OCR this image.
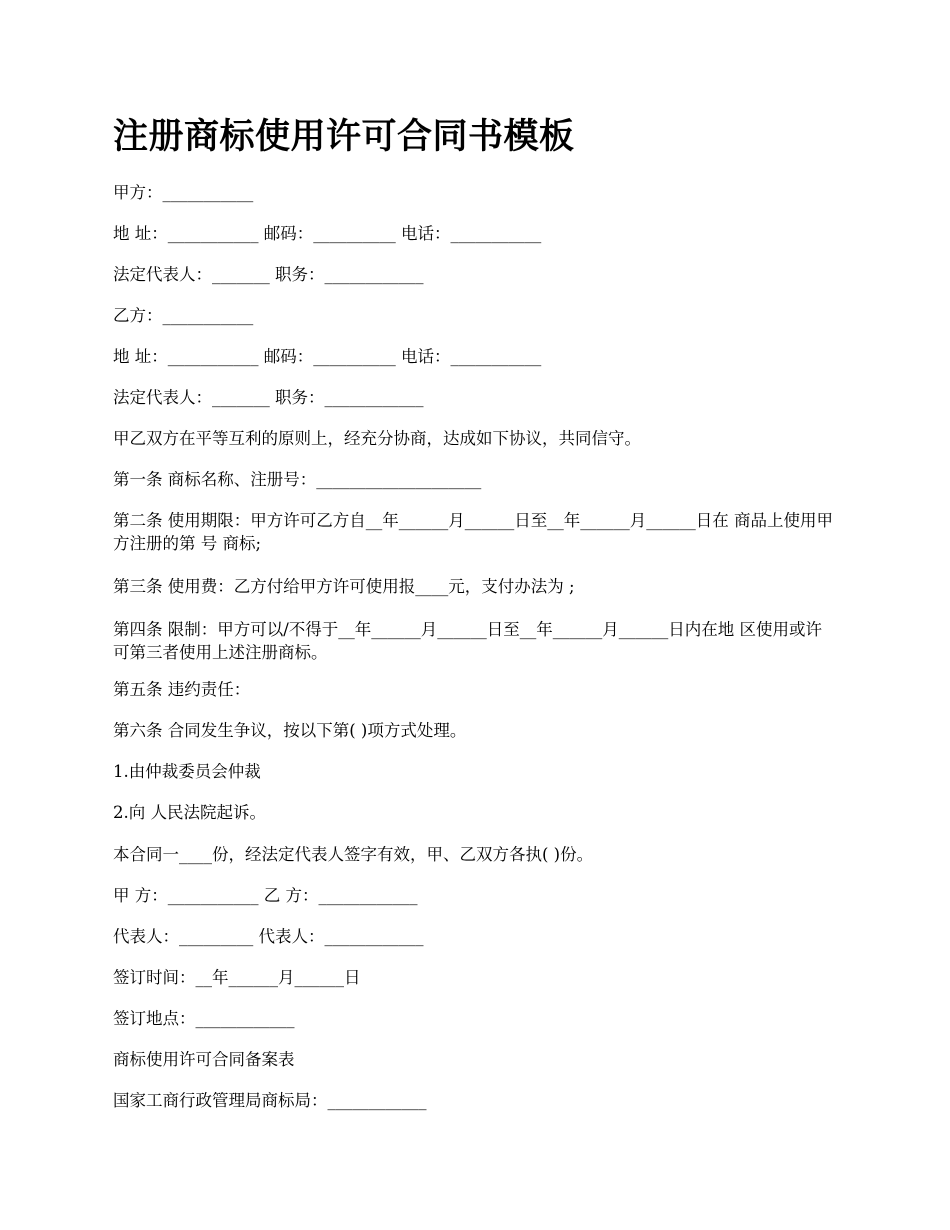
注册商标使用许可合同书模板

甲方：___________

地 址：___________ 邮码：__________ 电话：___________

法定代表人：_______ 职务：____________

乙方：___________

地 址：___________ 邮码：__________ 电话：___________

法定代表人：_______ 职务：____________

甲乙双方在平等互利的原则上，经充分协商，达成如下协议，共同信守。

第一条 商标名称、注册号：____________________

第二条 使用期限：甲方许可乙方自__年______月______日至__年______月______日在 商品上使用甲方注册的第 号 商标;

第三条 使用费：乙方付给甲方许可使用报____元，支付办法为 ;

第四条 限制：甲方可以/不得于__年______月______日至__年______月______日内在地 区使用或许可第三者使用上述注册商标。

第五条 违约责任：

第六条 合同发生争议，按以下第( )项方式处理。

1.由仲裁委员会仲裁

2.向 人民法院起诉。

本合同一____份，经法定代表人签字有效，甲、乙双方各执( )份。

甲 方：___________ 乙 方：____________

代表人：_________ 代表人：____________

签订时间：__年______月______日

签订地点：____________

商标使用许可合同备案表

国家工商行政管理局商标局：____________
